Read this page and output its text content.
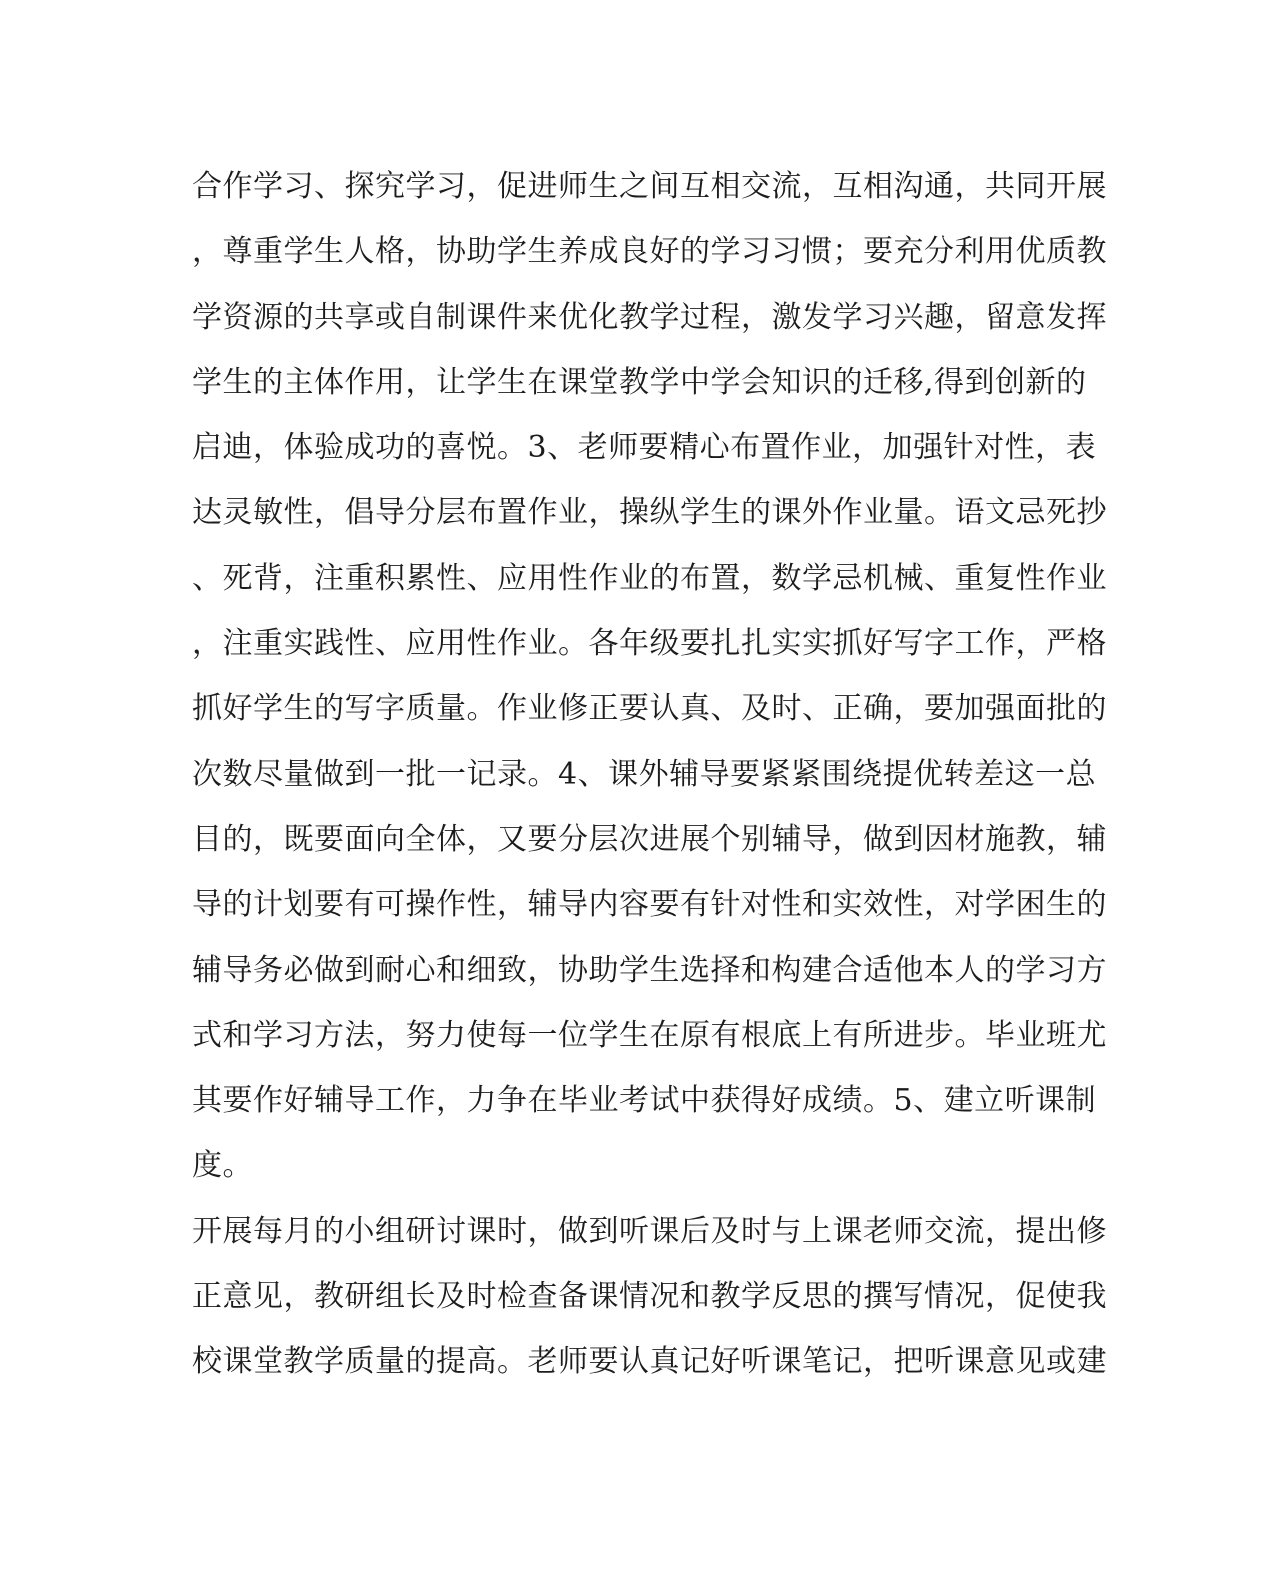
合作学习、探究学习，促进师生之间互相交流，互相沟通，共同开展
，尊重学生人格，协助学生养成良好的学习习惯；要充分利用优质教
学资源的共享或自制课件来优化教学过程，激发学习兴趣，留意发挥
学生的主体作用，让学生在课堂教学中学会知识的迁移,得到创新的
启迪，体验成功的喜悦。3、老师要精心布置作业，加强针对性，表
达灵敏性，倡导分层布置作业，操纵学生的课外作业量。语文忌死抄
、死背，注重积累性、应用性作业的布置，数学忌机械、重复性作业
，注重实践性、应用性作业。各年级要扎扎实实抓好写字工作，严格
抓好学生的写字质量。作业修正要认真、及时、正确，要加强面批的
次数尽量做到一批一记录。4、课外辅导要紧紧围绕提优转差这一总
目的，既要面向全体，又要分层次进展个别辅导，做到因材施教，辅
导的计划要有可操作性，辅导内容要有针对性和实效性，对学困生的
辅导务必做到耐心和细致，协助学生选择和构建合适他本人的学习方
式和学习方法，努力使每一位学生在原有根底上有所进步。毕业班尤
其要作好辅导工作，力争在毕业考试中获得好成绩。5、建立听课制
度。
开展每月的小组研讨课时，做到听课后及时与上课老师交流，提出修
正意见，教研组长及时检查备课情况和教学反思的撰写情况，促使我
校课堂教学质量的提高。老师要认真记好听课笔记，把听课意见或建
